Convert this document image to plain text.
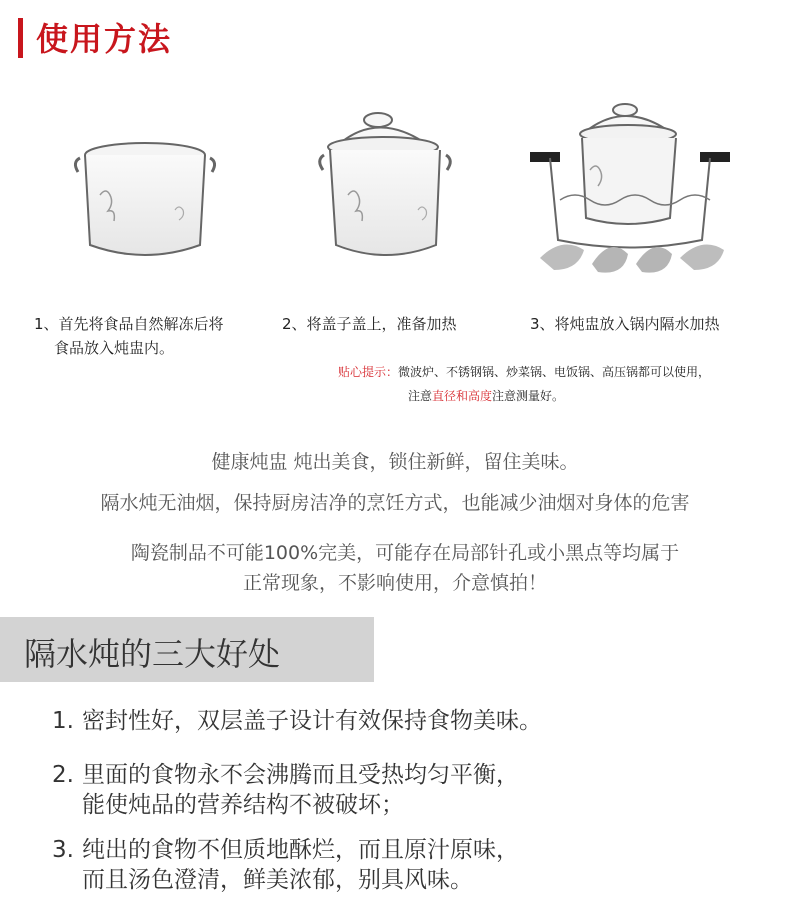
使用方法
1、首先将食品自然解冻后将
食品放入炖盅内。
2、将盖子盖上，准备加热	3、将炖盅放入锅内隔水加热
贴心提示：微波炉、不锈钢锅、炒菜锅、电饭锅、高压锅都可以使用，
注意直径和高度注意测量好。
健康炖盅 炖出美食，锁住新鲜，留住美味。
隔水炖无油烟，保持厨房洁净的烹饪方式，也能减少油烟对身体的危害
陶瓷制品不可能100%完美，可能存在局部针孔或小黑点等均属于
正常现象，不影响使用，介意慎拍！
隔水炖的三大好处
1. 密封性好，双层盖子设计有效保持食物美味。
2. 里面的食物永不会沸腾而且受热均匀平衡，
能使炖品的营养结构不被破坏；
3. 纯出的食物不但质地酥烂，而且原汁原味，
而且汤色澄清，鲜美浓郁，别具风味。
